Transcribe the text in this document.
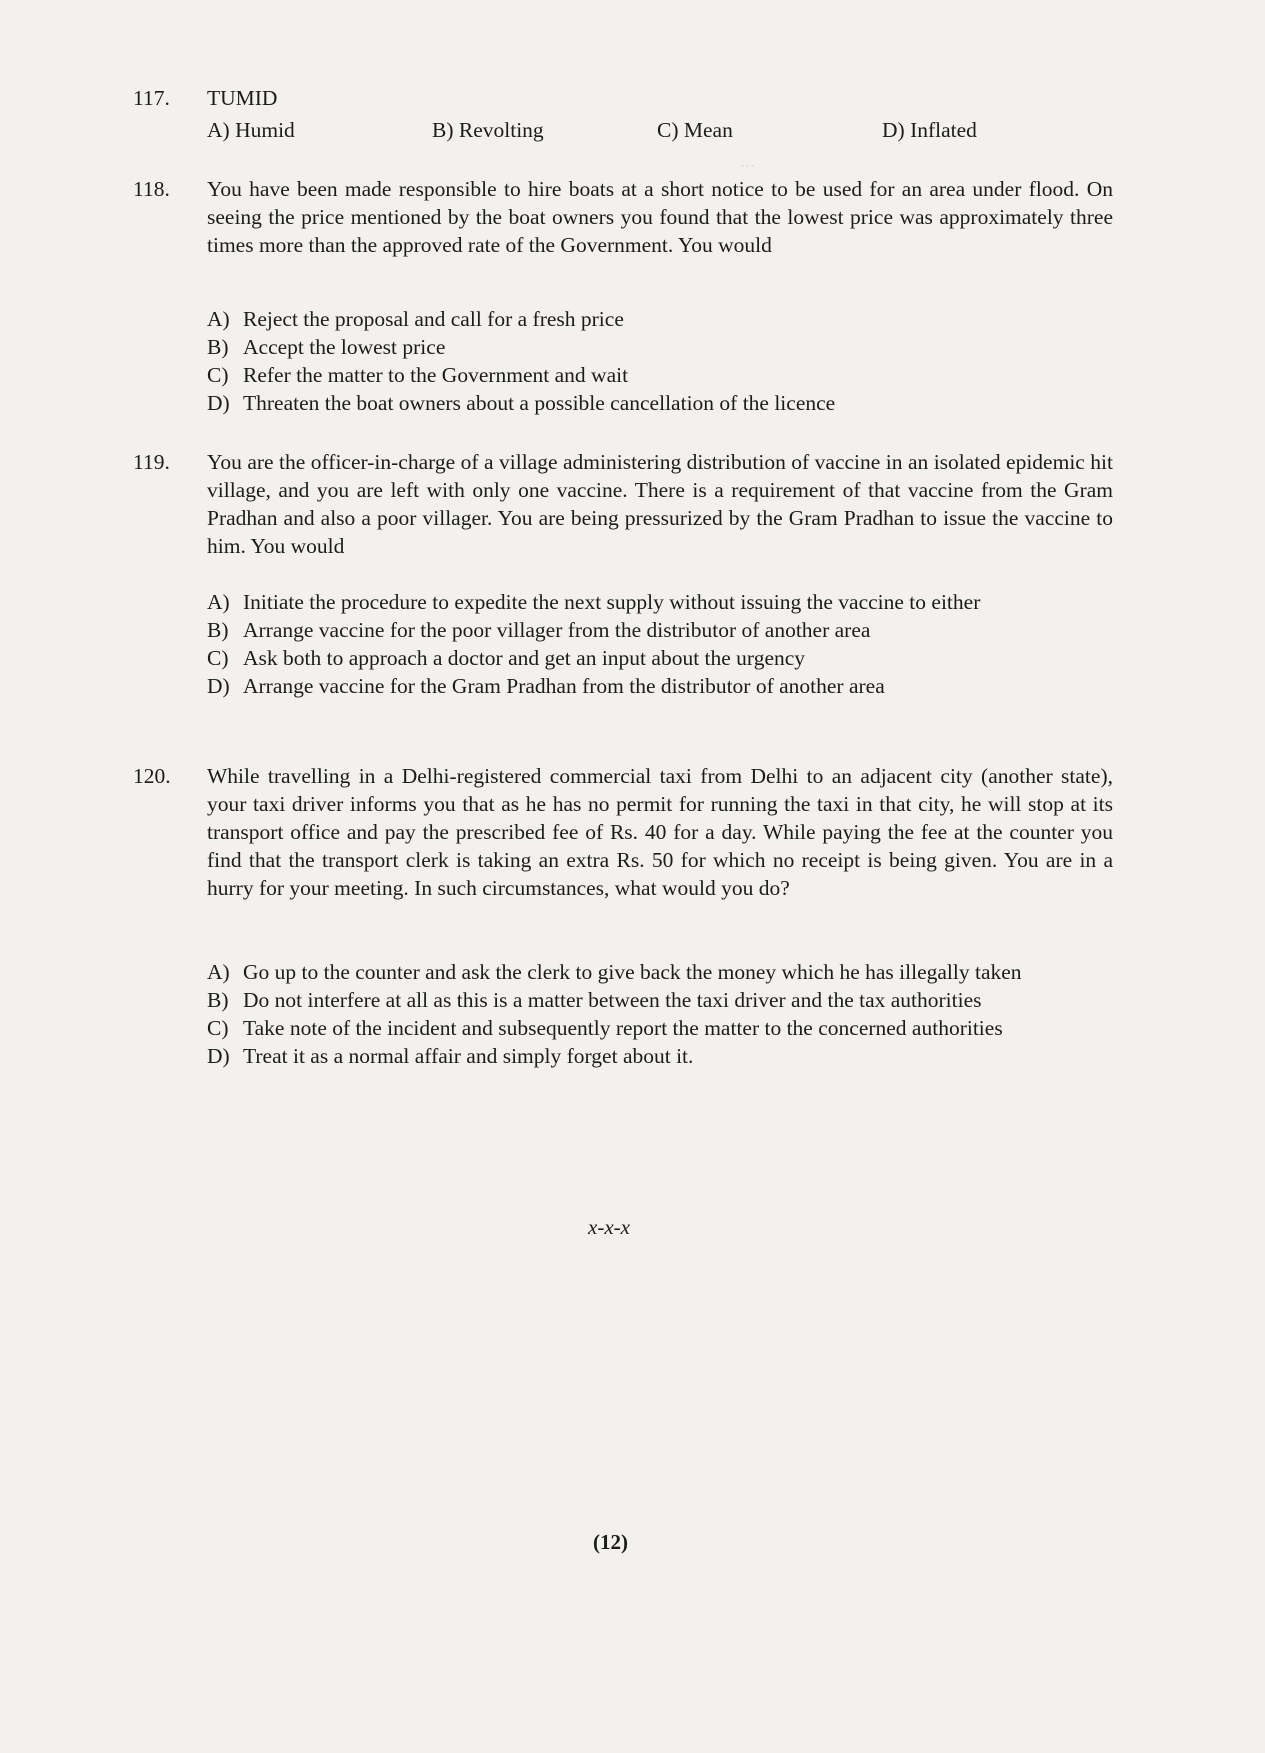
...
117.	TUMID
A) Humid	B) Revolting	C) Mean	D) Inflated
118.	You have been made responsible to hire boats at a short notice to be used for an area under flood. On seeing the price mentioned by the boat owners you found that the lowest price was approximately three times more than the approved rate of the Government. You would
A) Reject the proposal and call for a fresh price
B) Accept the lowest price
C) Refer the matter to the Government and wait
D) Threaten the boat owners about a possible cancellation of the licence
119.	You are the officer-in-charge of a village administering distribution of vaccine in an isolated epidemic hit village, and you are left with only one vaccine. There is a requirement of that vaccine from the Gram Pradhan and also a poor villager. You are being pressurized by the Gram Pradhan to issue the vaccine to him. You would
A) Initiate the procedure to expedite the next supply without issuing the vaccine to either
B) Arrange vaccine for the poor villager from the distributor of another area
C) Ask both to approach a doctor and get an input about the urgency
D) Arrange vaccine for the Gram Pradhan from the distributor of another area
120.	While travelling in a Delhi-registered commercial taxi from Delhi to an adjacent city (another state), your taxi driver informs you that as he has no permit for running the taxi in that city, he will stop at its transport office and pay the prescribed fee of Rs. 40 for a day. While paying the fee at the counter you find that the transport clerk is taking an extra Rs. 50 for which no receipt is being given. You are in a hurry for your meeting. In such circumstances, what would you do?
A) Go up to the counter and ask the clerk to give back the money which he has illegally taken
B) Do not interfere at all as this is a matter between the taxi driver and the tax authorities
C) Take note of the incident and subsequently report the matter to the concerned authorities
D) Treat it as a normal affair and simply forget about it.
x-x-x
(12)
